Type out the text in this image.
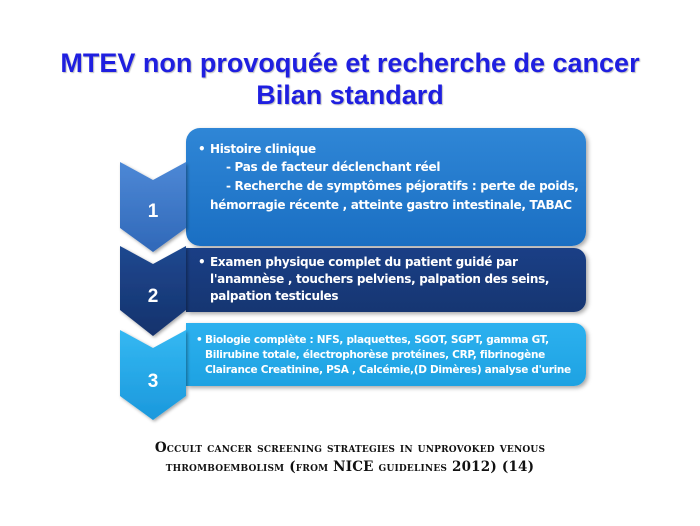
MTEV non provoquée et recherche de cancer
Bilan standard
• Histoire clinique
- Pas de facteur déclenchant réel
- Recherche de symptômes péjoratifs : perte de poids,
hémorragie récente , atteinte gastro intestinale, TABAC
• Examen physique complet du patient guidé par
l'anamnèse , touchers pelviens, palpation des seins,
palpation testicules
• Biologie complète : NFS, plaquettes, SGOT, SGPT, gamma GT,
Bilirubine totale, électrophorèse protéines, CRP, fibrinogène
Clairance Creatinine, PSA , Calcémie,(D Dimères) analyse d'urine
1
2
3
Occult cancer screening strategies in unprovoked venous
thromboembolism (from NICE guidelines 2012) (14)
